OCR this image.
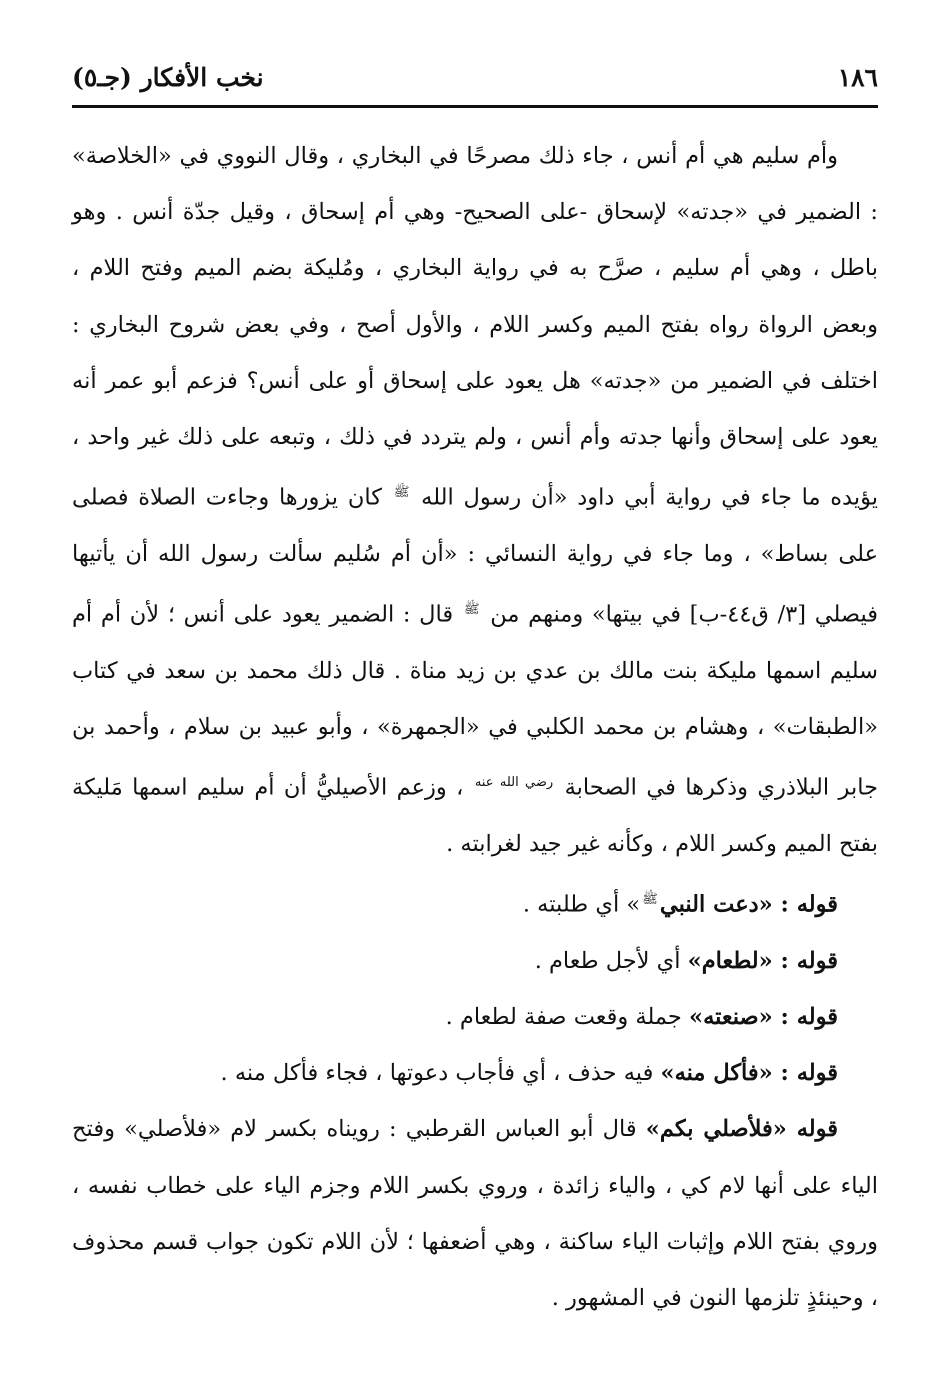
١٨٦
نخب الأفكار (جـ٥)

وأم سليم هي أم أنس ، جاء ذلك مصرحًا في البخاري ، وقال النووي في «الخلاصة» : الضمير في «جدته» لإسحاق -على الصحيح- وهي أم إسحاق ، وقيل جدّة أنس . وهو باطل ، وهي أم سليم ، صرَّح به في رواية البخاري ، ومُليكة بضم الميم وفتح اللام ، وبعض الرواة رواه بفتح الميم وكسر اللام ، والأول أصح ، وفي بعض شروح البخاري : اختلف في الضمير من «جدته» هل يعود على إسحاق أو على أنس؟ فزعم أبو عمر أنه يعود على إسحاق وأنها جدته وأم أنس ، ولم يتردد في ذلك ، وتبعه على ذلك غير واحد ، يؤيده ما جاء في رواية أبي داود «أن رسول الله $^ﷺ$ كان يزورها وجاءت الصلاة فصلى على بساط» ، وما جاء في رواية النسائي : «أن أم سُليم سألت رسول الله أن يأتيها فيصلي [٣/ ق٤٤-ب] في بيتها» ومنهم من $^ﷺ$ قال : الضمير يعود على أنس ؛ لأن أم أم سليم اسمها مليكة بنت مالك بن عدي بن زيد مناة . قال ذلك محمد بن سعد في كتاب «الطبقات» ، وهشام بن محمد الكلبي في «الجمهرة» ، وأبو عبيد بن سلام ، وأحمد بن جابر البلاذري وذكرها في الصحابة $^{رضي الله عنه}$ ، وزعم الأصيليُّ أن أم سليم اسمها مَليكة بفتح الميم وكسر اللام ، وكأنه غير جيد لغرابته .

قوله : «دعت النبي$^ﷺ$» أي طلبته .

قوله : «لطعام» أي لأجل طعام .

قوله : «صنعته» جملة وقعت صفة لطعام .

قوله : «فأكل منه» فيه حذف ، أي فأجاب دعوتها ، فجاء فأكل منه .

قوله «فلأصلي بكم» قال أبو العباس القرطبي : رويناه بكسر لام «فلأصلي» وفتح الياء على أنها لام كي ، والياء زائدة ، وروي بكسر اللام وجزم الياء على خطاب نفسه ، وروي بفتح اللام وإثبات الياء ساكنة ، وهي أضعفها ؛ لأن اللام تكون جواب قسم محذوف ، وحينئذٍ تلزمها النون في المشهور .
